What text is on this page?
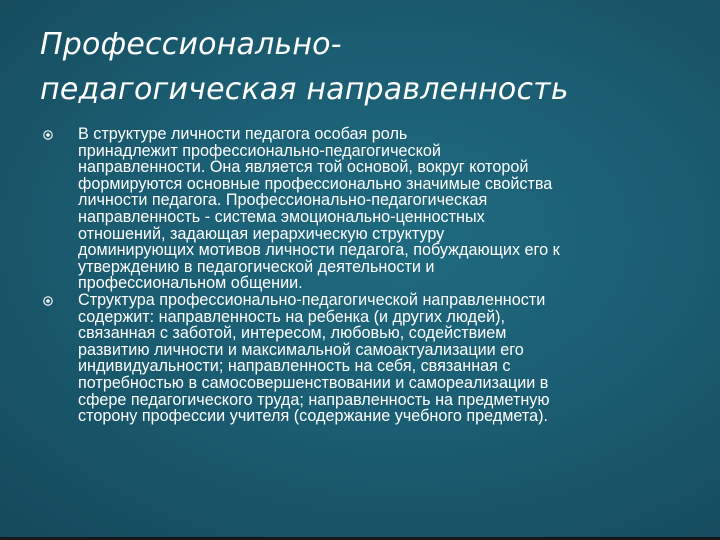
Профессионально-
педагогическая направленность
В структуре личности педагога особая роль
принадлежит профессионально-педагогической
направленности. Она является той основой, вокруг которой
формируются основные профессионально значимые свойства
личности педагога. Профессионально-педагогическая
направленность - система эмоционально-ценностных
отношений, задающая иерархическую структуру
доминирующих мотивов личности педагога, побуждающих его к
утверждению в педагогической деятельности и
профессиональном общении.
Структура профессионально-педагогической направленности
содержит: направленность на ребенка (и других людей),
связанная с заботой, интересом, любовью, содействием
развитию личности и максимальной самоактуализации его
индивидуальности; направленность на себя, связанная с
потребностью в самосовершенствовании и самореализации в
сфере педагогического труда; направленность на предметную
сторону профессии учителя (содержание учебного предмета).
